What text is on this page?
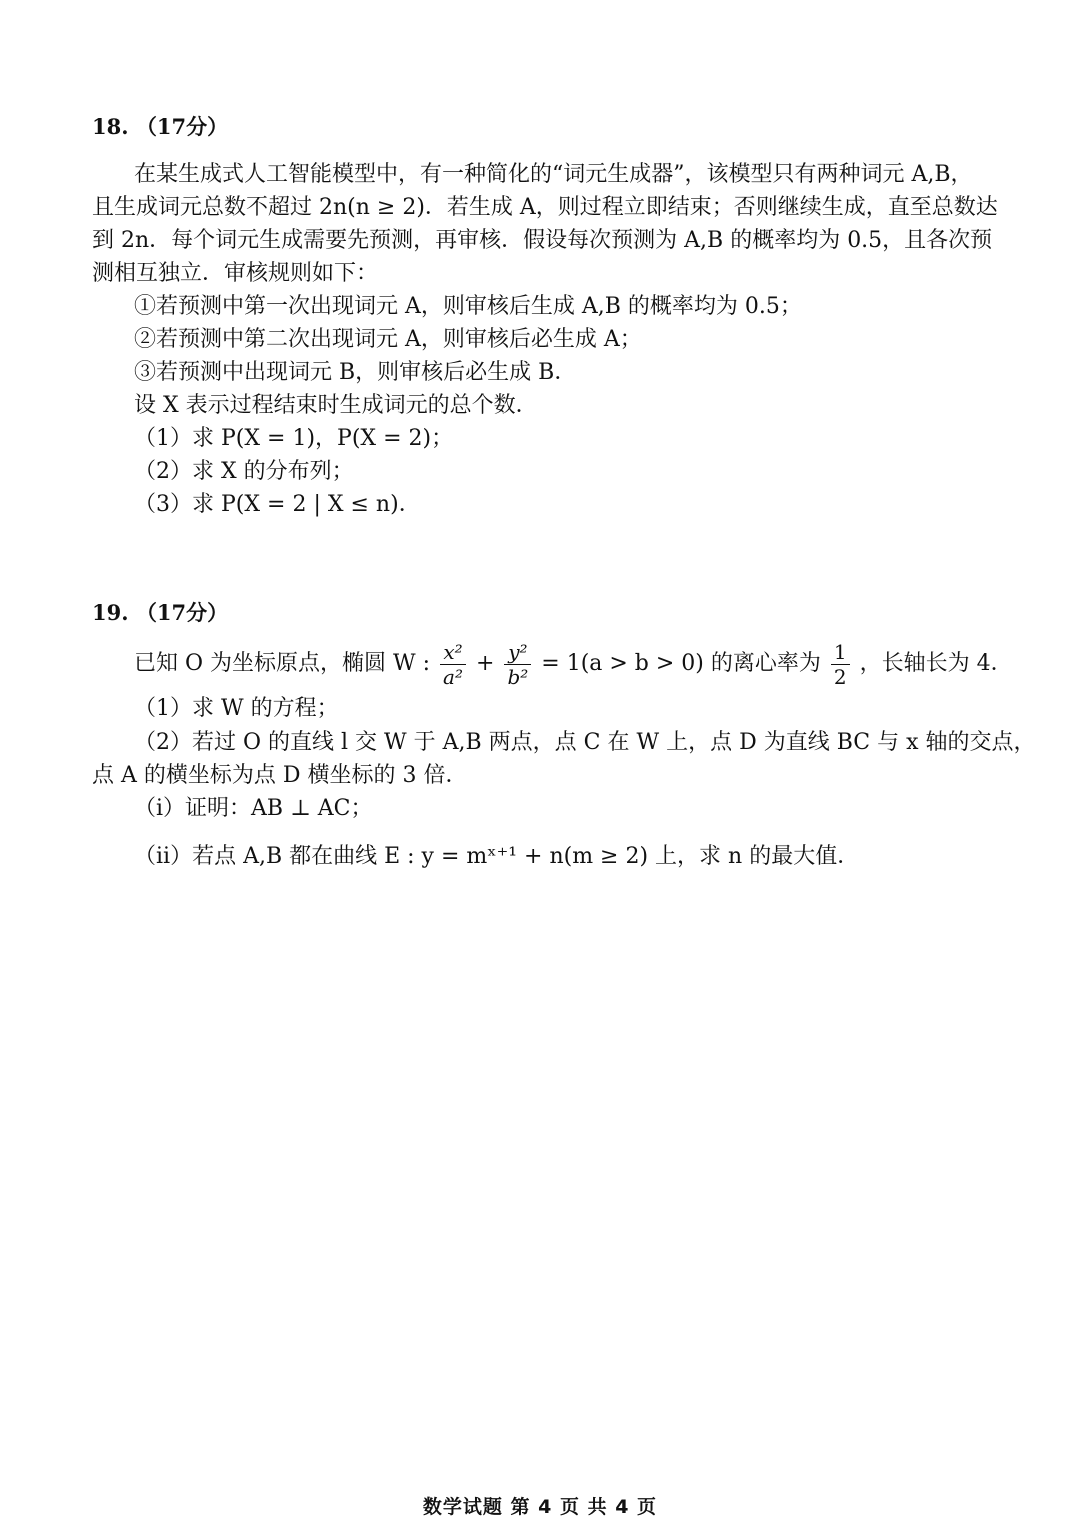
18. （17分）
在某生成式人工智能模型中，有一种简化的“词元生成器”，该模型只有两种词元 A,B，
且生成词元总数不超过 2n(n ≥ 2)．若生成 A，则过程立即结束；否则继续生成，直至总数达
到 2n．每个词元生成需要先预测，再审核．假设每次预测为 A,B 的概率均为 0.5，且各次预
测相互独立．审核规则如下：
①若预测中第一次出现词元 A，则审核后生成 A,B 的概率均为 0.5；
②若预测中第二次出现词元 A，则审核后必生成 A；
③若预测中出现词元 B，则审核后必生成 B．
设 X 表示过程结束时生成词元的总个数．
（1）求 P(X = 1)，P(X = 2)；
（2）求 X 的分布列；
（3）求 P(X = 2 | X ≤ n)．
19. （17分）
已知 O 为坐标原点，椭圆 W : $\frac{\text{x²}}{\text{a²}} + \frac{\text{y²}}{\text{b²}} = 1(a > b > 0)$ 的离心率为 $\frac{1}{2}$ ，长轴长为 4．
（1）求 W 的方程；
（2）若过 O 的直线 l 交 W 于 A,B 两点，点 C 在 W 上，点 D 为直线 BC 与 x 轴的交点，
点 A 的横坐标为点 D 横坐标的 3 倍．
（ⅰ）证明：AB ⊥ AC；
（ⅱ）若点 A,B 都在曲线 E : y = mˣ⁺¹ + n(m ≥ 2) 上，求 n 的最大值．
数学试题 第 4 页 共 4 页
